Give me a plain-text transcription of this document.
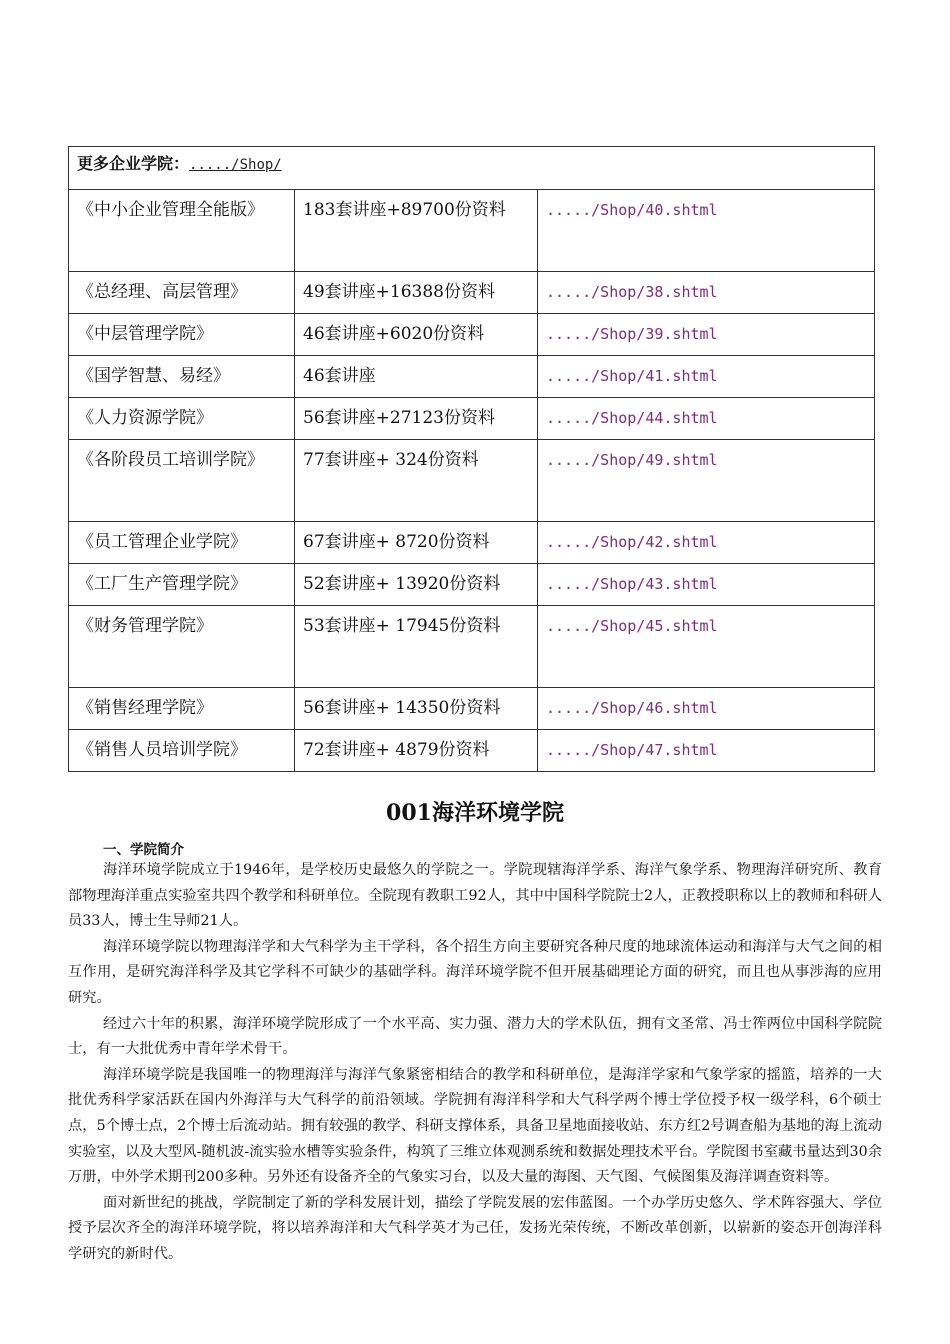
更多企业学院：...../Shop/		
《中小企业管理全能版》	183套讲座+89700份资料	...../Shop/40.shtml
《总经理、高层管理》	49套讲座+16388份资料	...../Shop/38.shtml
《中层管理学院》	46套讲座+6020份资料	...../Shop/39.shtml
《国学智慧、易经》	46套讲座	...../Shop/41.shtml
《人力资源学院》	56套讲座+27123份资料	...../Shop/44.shtml
《各阶段员工培训学院》	77套讲座+ 324份资料	...../Shop/49.shtml
《员工管理企业学院》	67套讲座+ 8720份资料	...../Shop/42.shtml
《工厂生产管理学院》	52套讲座+ 13920份资料	...../Shop/43.shtml
《财务管理学院》	53套讲座+ 17945份资料	...../Shop/45.shtml
《销售经理学院》	56套讲座+ 14350份资料	...../Shop/46.shtml
《销售人员培训学院》	72套讲座+ 4879份资料	...../Shop/47.shtml
001海洋环境学院
一、学院简介

海洋环境学院成立于1946年，是学校历史最悠久的学院之一。学院现辖海洋学系、海洋气象学系、物理海洋研究所、教育部物理海洋重点实验室共四个教学和科研单位。全院现有教职工92人，其中中国科学院院士2人，正教授职称以上的教师和科研人员33人，博士生导师21人。

海洋环境学院以物理海洋学和大气科学为主干学科，各个招生方向主要研究各种尺度的地球流体运动和海洋与大气之间的相互作用，是研究海洋科学及其它学科不可缺少的基础学科。海洋环境学院不但开展基础理论方面的研究，而且也从事涉海的应用研究。

经过六十年的积累，海洋环境学院形成了一个水平高、实力强、潜力大的学术队伍，拥有文圣常、冯士筰两位中国科学院院士，有一大批优秀中青年学术骨干。

海洋环境学院是我国唯一的物理海洋与海洋气象紧密相结合的教学和科研单位，是海洋学家和气象学家的摇篮，培养的一大批优秀科学家活跃在国内外海洋与大气科学的前沿领域。学院拥有海洋科学和大气科学两个博士学位授予权一级学科，6个硕士点，5个博士点，2个博士后流动站。拥有较强的教学、科研支撑体系，具备卫星地面接收站、东方红2号调查船为基地的海上流动实验室，以及大型风-随机波-流实验水槽等实验条件，构筑了三维立体观测系统和数据处理技术平台。学院图书室藏书量达到30余万册，中外学术期刊200多种。另外还有设备齐全的气象实习台，以及大量的海图、天气图、气候图集及海洋调查资料等。

面对新世纪的挑战，学院制定了新的学科发展计划，描绘了学院发展的宏伟蓝图。一个办学历史悠久、学术阵容强大、学位授予层次齐全的海洋环境学院，将以培养海洋和大气科学英才为己任，发扬光荣传统，不断改革创新，以崭新的姿态开创海洋科学研究的新时代。
